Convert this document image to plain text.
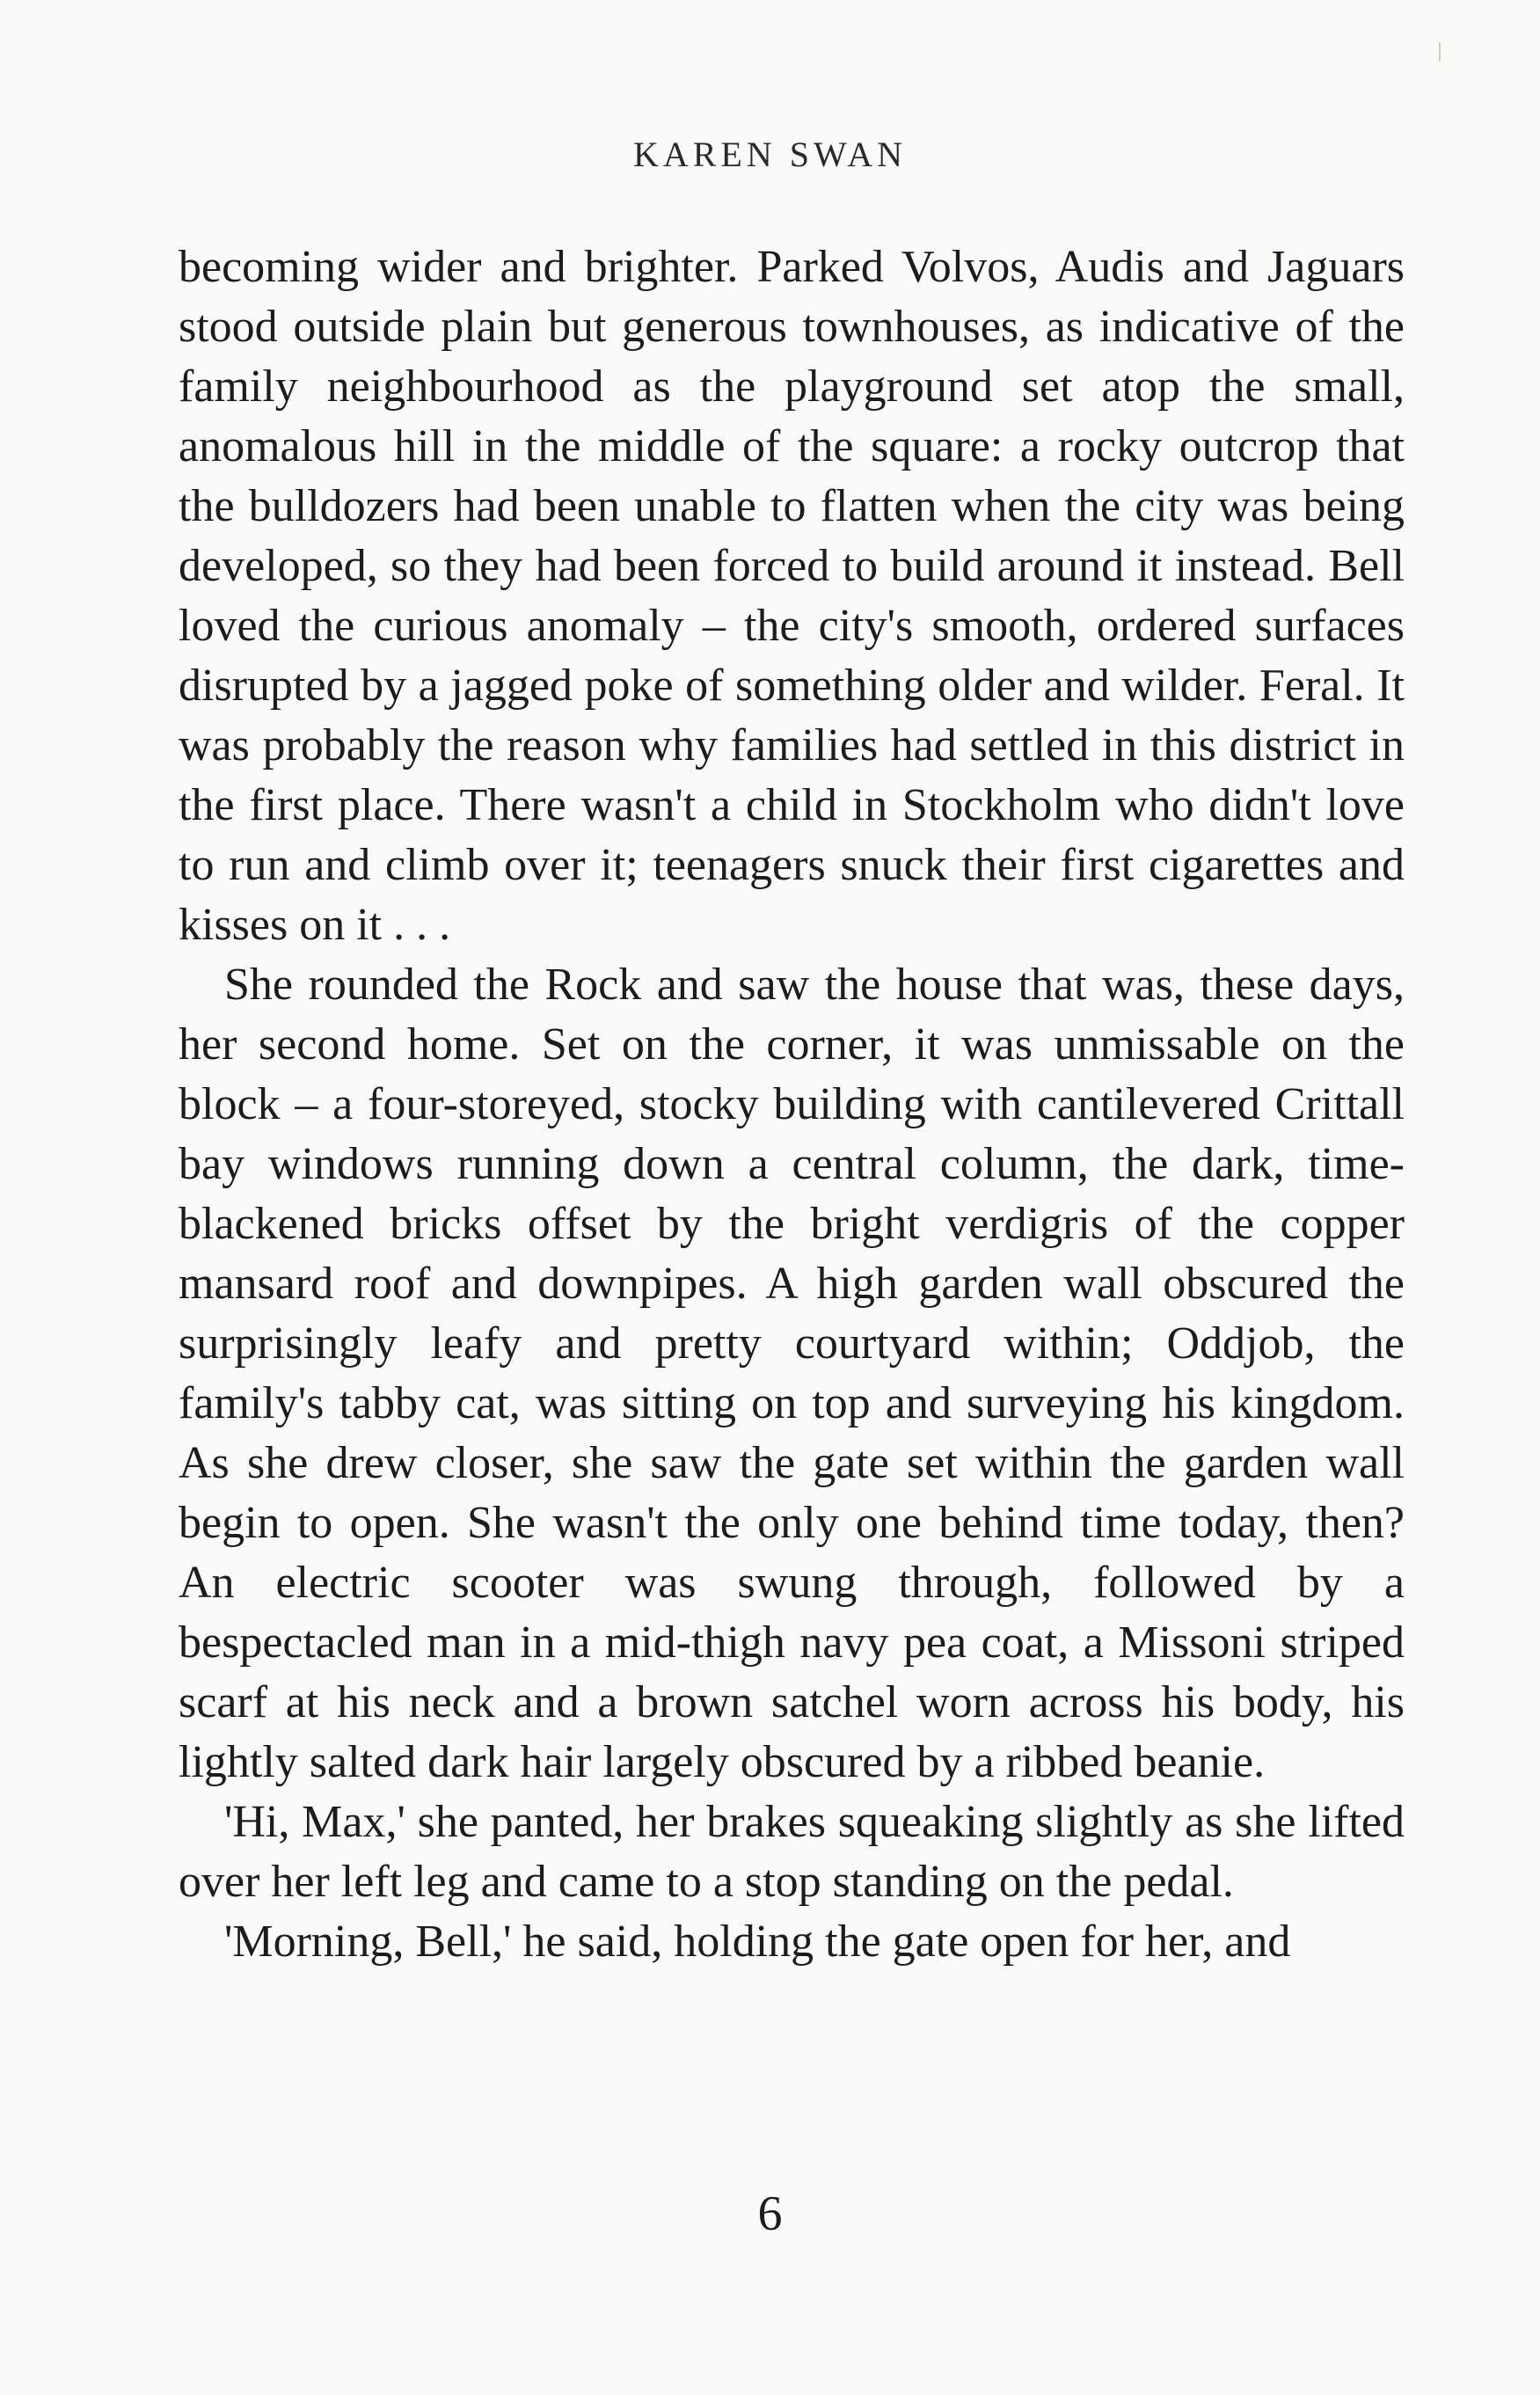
KAREN SWAN

becoming wider and brighter. Parked Volvos, Audis and Jaguars stood outside plain but generous townhouses, as indicative of the family neighbourhood as the playground set atop the small, anomalous hill in the middle of the square: a rocky outcrop that the bulldozers had been unable to flatten when the city was being developed, so they had been forced to build around it instead. Bell loved the curious anomaly – the city's smooth, ordered surfaces disrupted by a jagged poke of something older and wilder. Feral. It was probably the reason why families had settled in this district in the first place. There wasn't a child in Stockholm who didn't love to run and climb over it; teenagers snuck their first cigarettes and kisses on it . . .

She rounded the Rock and saw the house that was, these days, her second home. Set on the corner, it was unmissable on the block – a four-storeyed, stocky building with cantilevered Crittall bay windows running down a central column, the dark, time-blackened bricks offset by the bright verdigris of the copper mansard roof and downpipes. A high garden wall obscured the surprisingly leafy and pretty courtyard within; Oddjob, the family's tabby cat, was sitting on top and surveying his kingdom. As she drew closer, she saw the gate set within the garden wall begin to open. She wasn't the only one behind time today, then? An electric scooter was swung through, followed by a bespectacled man in a mid-thigh navy pea coat, a Missoni striped scarf at his neck and a brown satchel worn across his body, his lightly salted dark hair largely obscured by a ribbed beanie.

'Hi, Max,' she panted, her brakes squeaking slightly as she lifted over her left leg and came to a stop standing on the pedal.

'Morning, Bell,' he said, holding the gate open for her, and

6
